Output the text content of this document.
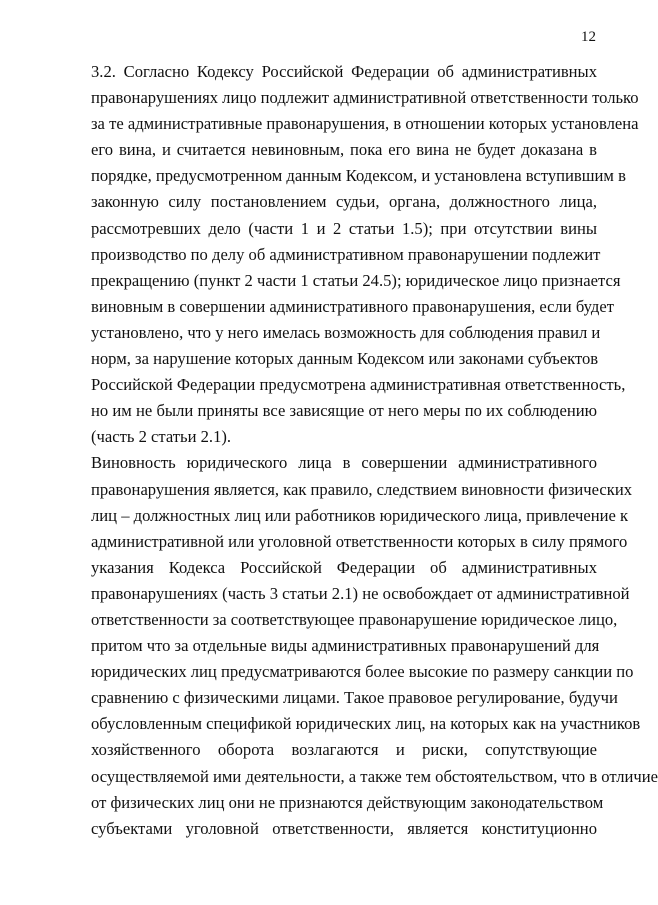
12
3.2. Согласно Кодексу Российской Федерации об административных
правонарушениях лицо подлежит административной ответственности только
за те административные правонарушения, в отношении которых установлена
его вина, и считается невиновным, пока его вина не будет доказана в
порядке, предусмотренном данным Кодексом, и установлена вступившим в
законную силу постановлением судьи, органа, должностного лица,
рассмотревших дело (части 1 и 2 статьи 1.5); при отсутствии вины
производство по делу об административном правонарушении подлежит
прекращению (пункт 2 части 1 статьи 24.5); юридическое лицо признается
виновным в совершении административного правонарушения, если будет
установлено, что у него имелась возможность для соблюдения правил и
норм, за нарушение которых данным Кодексом или законами субъектов
Российской Федерации предусмотрена административная ответственность,
но им не были приняты все зависящие от него меры по их соблюдению
(часть 2 статьи 2.1).
Виновность юридического лица в совершении административного
правонарушения является, как правило, следствием виновности физических
лиц – должностных лиц или работников юридического лица, привлечение к
административной или уголовной ответственности которых в силу прямого
указания Кодекса Российской Федерации об административных
правонарушениях (часть 3 статьи 2.1) не освобождает от административной
ответственности за соответствующее правонарушение юридическое лицо,
притом что за отдельные виды административных правонарушений для
юридических лиц предусматриваются более высокие по размеру санкции по
сравнению с физическими лицами. Такое правовое регулирование, будучи
обусловленным спецификой юридических лиц, на которых как на участников
хозяйственного оборота возлагаются и риски, сопутствующие
осуществляемой ими деятельности, а также тем обстоятельством, что в отличие
от физических лиц они не признаются действующим законодательством
субъектами уголовной ответственности, является конституционно
